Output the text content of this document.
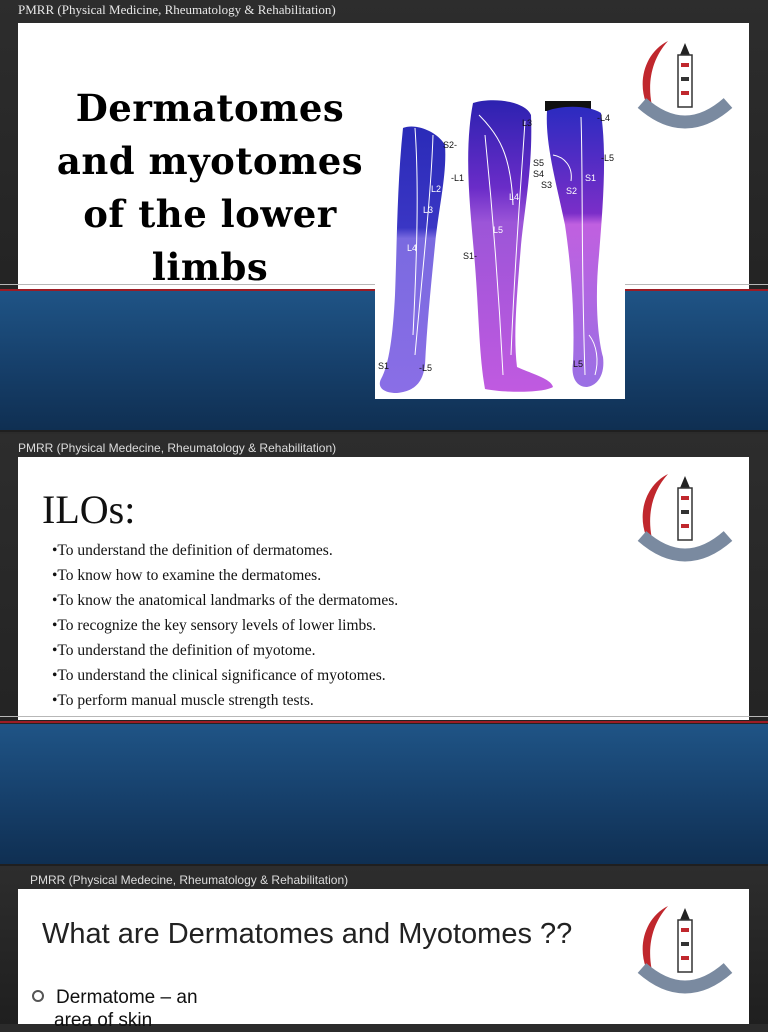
PMRR (Physical Medicine, Rheumatology & Rehabilitation)
Dermatomes
and myotomes
of the lower
limbs
L2
-L1
L3
L4
S1	-L5
L3
S2-
L4
L5
S1-
-L4
-L5
S5
S4
S3
S2
S1
L5
PMRR (Physical Medecine, Rheumatology & Rehabilitation)
ILOs:
•To understand the definition of dermatomes.
•To know how to examine the dermatomes.
•To know the anatomical landmarks of the dermatomes.
•To recognize the key sensory levels of lower limbs.
•To understand the definition of myotome.
•To understand the clinical significance of myotomes.
•To perform manual muscle strength tests.
PMRR (Physical Medecine, Rheumatology & Rehabilitation)
What are Dermatomes and Myotomes ??
Dermatome – an
area of skin
